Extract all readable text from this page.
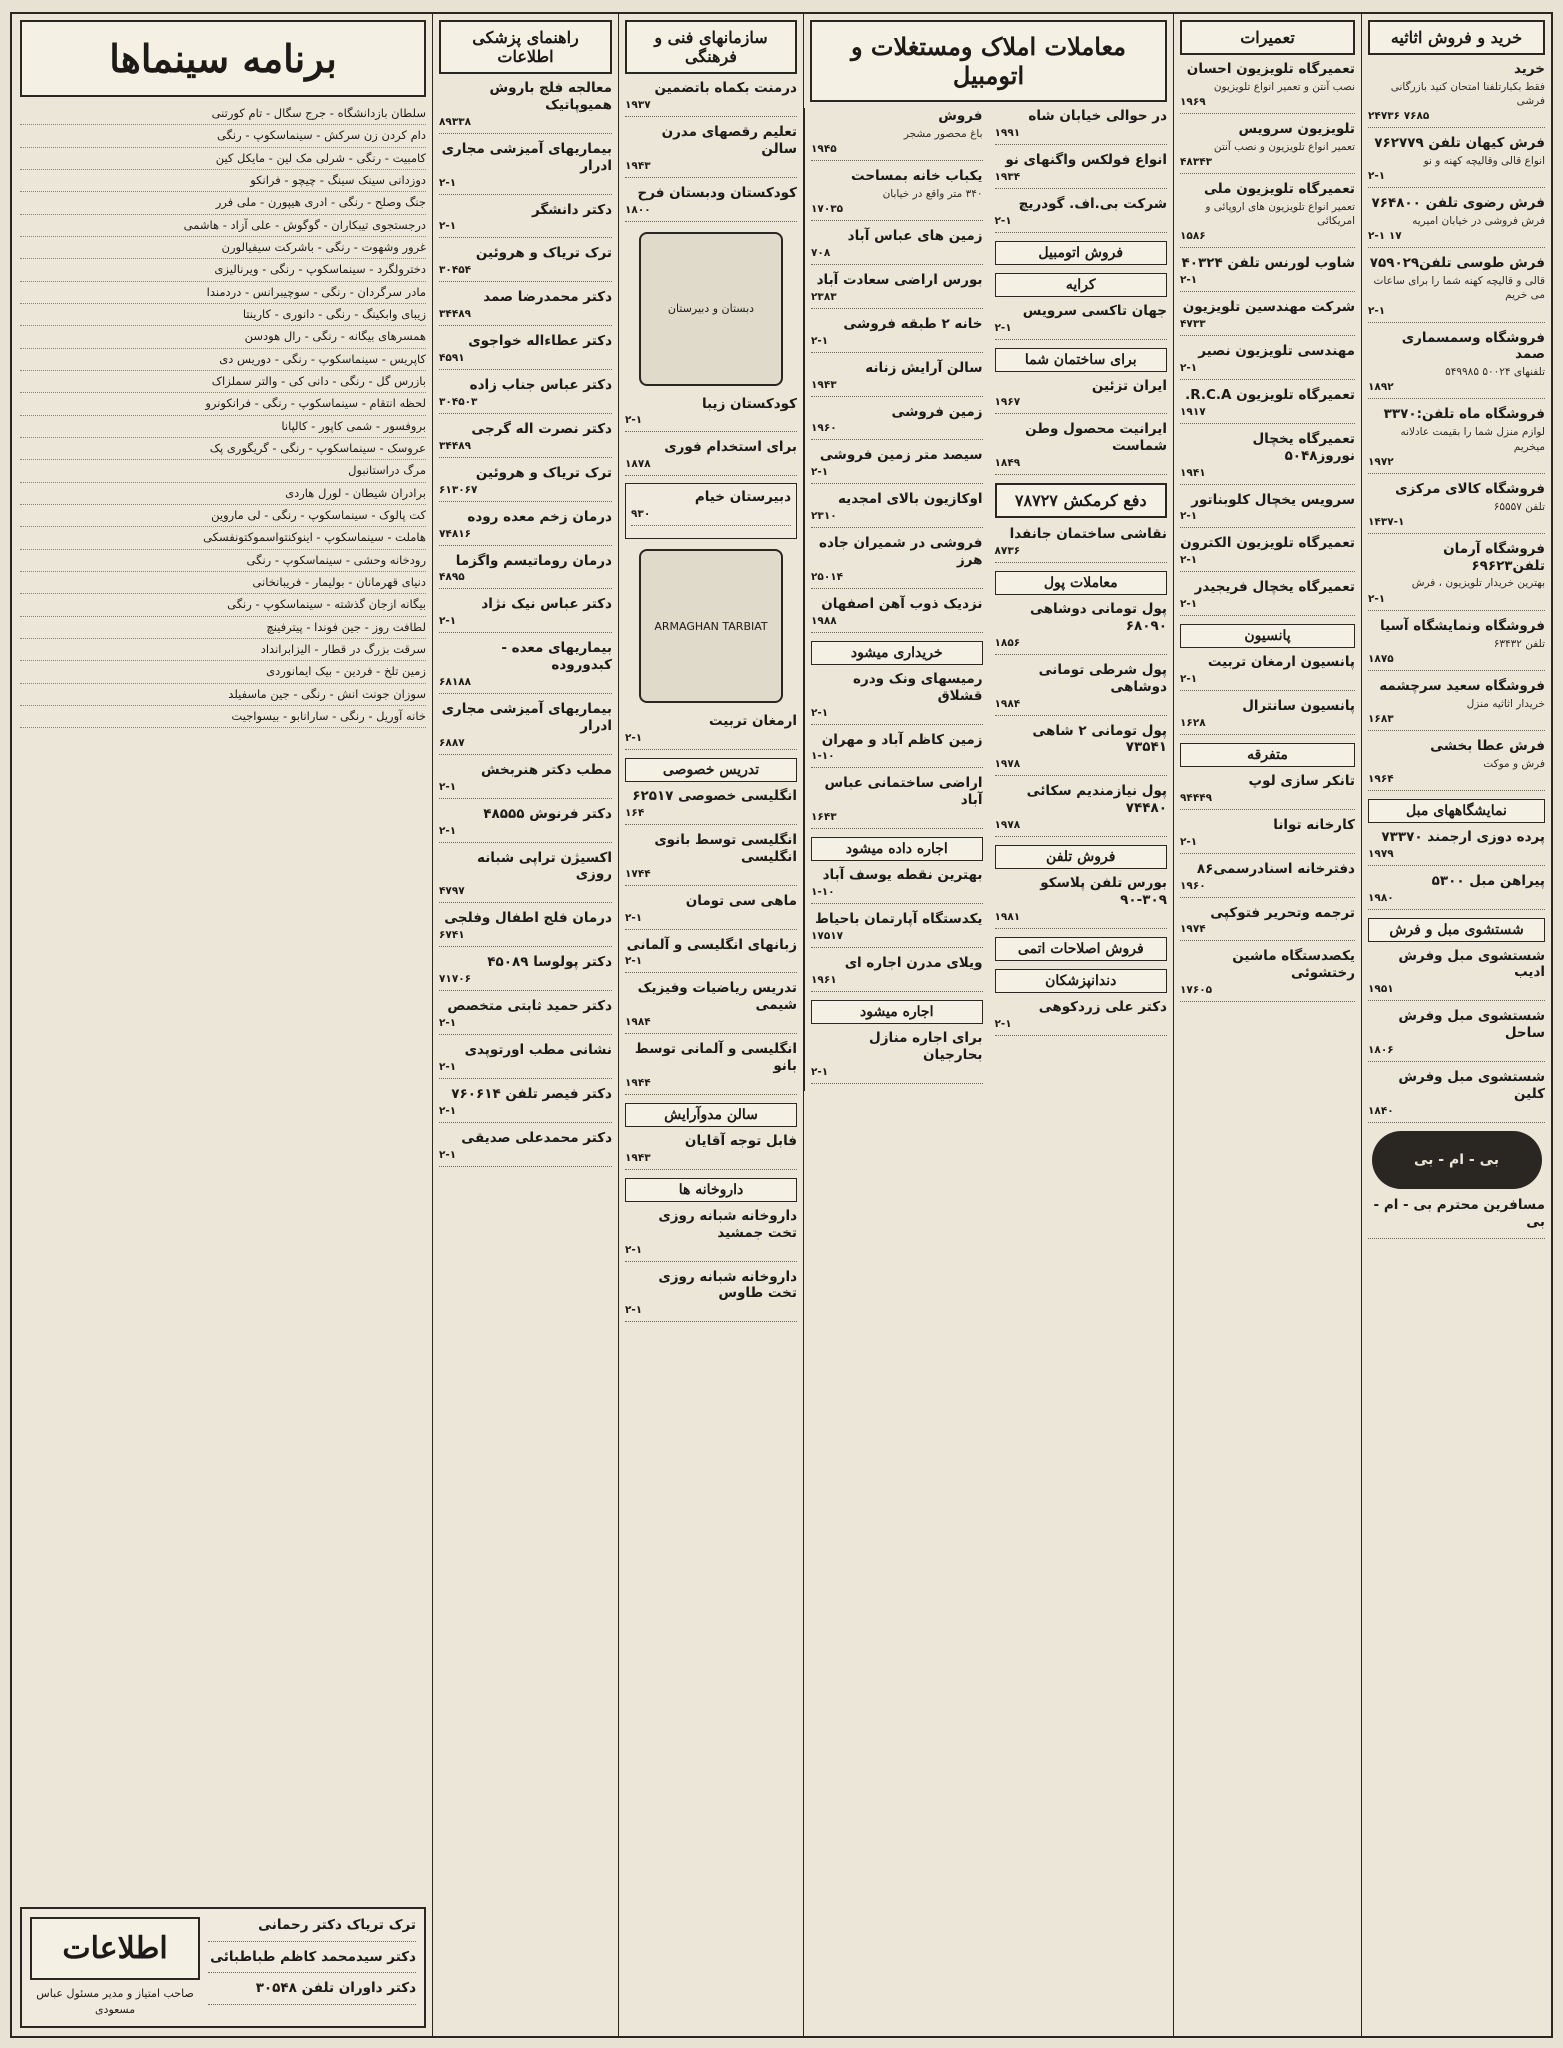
خرید و فروش اثاثیه
خرید
فقط بکبارتلفنا امتحان کنید بازرگانی فرشی
۲۴۷۳۶ ۷۶۸۵
فرش کیهان تلفن ۷۶۲۷۷۹
انواع قالی وقالیچه کهنه و نو
۲-۱
فرش رضوی تلفن ۷۶۴۸۰۰
فرش فروشی در خیابان امیریه
۲-۱ ۱۷
فرش طوسی تلفن۷۵۹۰۲۹
قالی و قالیچه کهنه شما را برای ساعات می خریم
۲-۱
فروشگاه وسمسماری صمد
تلفنهای ۵۰۰۲۴ ۵۴۹۹۸۵
۱۸۹۲
فروشگاه ماه تلفن:۳۳۷۰
لوازم منزل شما را بقیمت عادلانه میخریم
۱۹۷۲
فروشگاه کالای مرکزی
تلفن ۶۵۵۵۷
۱۴۳۷-۱
فروشگاه آرمان تلفن۶۹۶۲۳
بهترین خریدار تلویزیون ، فرش
۲-۱
فروشگاه ونمایشگاه آسیا
تلفن ۶۳۴۳۲
۱۸۷۵
فروشگاه سعید سرچشمه
خریدار اثاثیه منزل
۱۶۸۳
فرش عطا بخشی
فرش و موکت
۱۹۶۴
نمایشگاههای مبل
پرده دوزی ارجمند ۷۳۳۷۰
۱۹۷۹
پیراهن مبل ۵۳۰۰
۱۹۸۰
شستشوی مبل و فرش
شستشوی مبل وفرش ادیب
۱۹۵۱
شستشوی مبل وفرش ساحل
۱۸۰۶
شستشوی مبل وفرش کلین
۱۸۴۰
بی - ام - بی
مسافرین محترم بی - ام - بی
تعمیرات
تعمیرگاه تلویزیون احسان
نصب آنتن و تعمیر انواع تلویزیون
۱۹۶۹
تلویزیون سرویس
تعمیر انواع تلویزیون و نصب آنتن
۴۸۳۴۳
تعمیرگاه تلویزیون ملی
تعمیر انواع تلویزیون های اروپائی و امریکائی
۱۵۸۶
شاوب لورنس تلفن ۴۰۳۲۴
۲-۱
شرکت مهندسین تلویزیون
۴۷۳۳
مهندسی تلویزیون نصیر
۲-۱
تعمیرگاه تلویزیون R.C.A.
۱۹۱۷
تعمیرگاه یخچال نوروز۵۰۴۸
۱۹۴۱
سرویس یخچال کلوبناتور
۲-۱
تعمیرگاه تلویزیون الکترون
۲-۱
تعمیرگاه یخچال فریجیدر
۲-۱
پانسیون
پانسیون ارمغان تربیت
۲-۱
پانسیون سانترال
۱۶۲۸
متفرقه
تانکر سازی لوپ
۹۴۴۴۹
کارخانه توانا
۲-۱
دفترخانه اسنادرسمی۸۶
۱۹۶۰
ترجمه وتحریر فتوکپی
۱۹۷۴
یکصدستگاه ماشین رختشوئی
۱۷۶۰۵
معاملات املاک ومستغلات و اتومبیل
فروش
باغ محصور مشجر
۱۹۴۵
یکباب خانه بمساحت
۳۴۰ متر واقع در خیابان
۱۷۰۳۵
زمین های عباس آباد
۷۰۸
بورس اراضی سعادت آباد
۲۳۸۳
خانه ۲ طبقه فروشی
۲-۱
سالن آرایش زنانه
۱۹۴۳
زمین فروشی
۱۹۶۰
سیصد متر زمین فروشی
۲-۱
اوکازیون بالای امجدیه
۲۳۱۰
فروشی در شمیران جاده هرز
۲۵۰۱۴
نزدیک ذوب آهن اصفهان
۱۹۸۸
خریداری میشود
رمیسهای ونک ودره قشلاق
۲-۱
زمین کاظم آباد و مهران
۱-۱۰
اراضی ساختمانی عباس آباد
۱۶۴۳
اجاره داده میشود
بهترین نقطه یوسف آباد
۱-۱۰
یکدستگاه آپارتمان باحیاط
۱۷۵۱۷
ویلای مدرن اجاره ای
۱۹۶۱
اجاره میشود
برای اجاره منازل بحارجیان
۲-۱
در حوالی خیابان شاه
۱۹۹۱
انواع فولکس واگنهای نو
۱۹۳۴
شرکت بی.اف. گودریچ
۲-۱
فروش اتومبیل
کرایه
جهان تاکسی سرویس
۲-۱
برای ساختمان شما
ایران تزئین
۱۹۶۷
ایرانیت محصول وطن شماست
۱۸۴۹
دفع کرمکش ۷۸۷۲۷
نقاشی ساختمان جانفدا
۸۷۳۶
معاملات پول
پول تومانی دوشاهی ۶۸۰۹۰
۱۸۵۶
پول شرطی تومانی دوشاهی
۱۹۸۴
پول تومانی ۲ شاهی ۷۳۵۴۱
۱۹۷۸
پول نیازمندیم سکائی ۷۴۴۸۰
۱۹۷۸
فروش تلفن
بورس تلفن پلاسکو ۳۰۹-۹۰
۱۹۸۱
فروش اصلاحات اتمی
دندانپزشکان
دکتر علی زردکوهی
۲-۱
سازمانهای فنی و فرهنگی
درمنت بکماه باتضمین
۱۹۳۷
تعلیم رقصهای مدرن سالن
۱۹۴۳
کودکستان ودبستان فرح
۱۸۰۰
دبستان و دبیرستان
کودکستان زیبا
۲-۱
برای استخدام فوری
۱۸۷۸
دبیرستان خیام
۹۳۰
ARMAGHAN TARBIAT
ارمغان تربیت
۲-۱
تدریس خصوصی
انگلیسی خصوصی ۶۲۵۱۷
۱۶۴
انگلیسی توسط بانوی انگلیسی
۱۷۴۴
ماهی سی تومان
۲-۱
زبانهای انگلیسی و آلمانی
۲-۱
تدریس ریاضیات وفیزیک شیمی
۱۹۸۴
انگلیسی و آلمانی توسط بانو
۱۹۴۴
سالن مدوآرایش
فابل توجه آقایان
۱۹۴۳
داروخانه ها
داروخانه شبانه روزی تخت جمشید
۲-۱
داروخانه شبانه روزی تخت طاوس
۲-۱
راهنمای پزشکی اطلاعات
معالجه فلج باروش همیوپاتیک
۸۹۳۳۸
بیماریهای آمیزشی مجاری ادرار
۲-۱
دکتر دانشگر
۲-۱
ترک تریاک و هروئین
۳۰۴۵۴
دکتر محمدرضا صمد
۳۴۴۸۹
دکتر عطاءاله خواجوی
۴۵۹۱
دکتر عباس جناب زاده
۳۰۴۵۰۳
دکتر نصرت اله گرجی
۳۴۴۸۹
ترک تریاک و هروئین
۶۱۳۰۶۷
درمان زخم معده روده
۷۴۸۱۶
درمان روماتیسم واگزما
۴۸۹۵
دکتر عباس نیک نژاد
۲-۱
بیماریهای معده - کبدوروده
۶۸۱۸۸
بیماریهای آمیزشی مجاری ادرار
۶۸۸۷
مطب دکتر هنربخش
۲-۱
دکتر فرنوش ۴۸۵۵۵
۲-۱
اکسیژن تراپی شبانه روزی
۴۷۹۷
درمان فلج اطفال وفلجی
۶۷۴۱
دکتر پولوسا ۴۵۰۸۹
۷۱۷۰۶
دکتر حمید ثابتی متخصص
۲-۱
نشانی مطب اورتوپدی
۲-۱
دکتر فیصر تلفن ۷۶۰۶۱۴
۲-۱
دکتر محمدعلی صدیقی
۲-۱
برنامه سینماها
سلطان بازدانشگاه - جرج سگال - تام کورتنی
دام کردن زن سرکش - سینماسکوپ - رنگی
کامبیت - رنگی - شرلی مک لین - مایکل کین
دوزدانی سینک سینگ - چیچو - فرانکو
جنگ وصلح - رنگی - ادری هیپورن - ملی فرر
درجستجوی تیبکاران - گوگوش - علی آزاد - هاشمی
غرور وشهوت - رنگی - باشرکت سیفیالورن
دخترولگرد - سینماسکوپ - رنگی - ویرنالیزی
مادر سرگردان - رنگی - سوچیبرانس - دردمندا
زیبای وابکینگ - رنگی - دانوری - کارینتا
همسرهای بیگانه - رنگی - رال هودسن
کاپریس - سینماسکوپ - رنگی - دوریس دی
بازرس گل - رنگی - دانی کی - والتر سملزاک
لحظه انتقام - سینماسکوپ - رنگی - فرانکونرو
بروفسور - شمی کاپور - کالپانا
عروسک - سینماسکوپ - رنگی - گریگوری پک
مرگ دراستانبول
برادران شیطان - لورل هاردی
کت پالوک - سینماسکوپ - رنگی - لی ماروین
هاملت - سینماسکوپ - اینوکنتواسموکتونفسکی
رودخانه وحشی - سینماسکوپ - رنگی
دنیای قهرمانان - بولیمار - فریبانخانی
بیگانه ازجان گذشته - سینماسکوپ - رنگی
لطافت روز - جین فوندا - پیترفینچ
سرقت بزرگ در قطار - الیزابرانداد
زمین تلخ - فردین - بیک ایمانوردی
سوزان جونت انش - رنگی - جین ماسفیلد
خانه آوریل - رنگی - سارانابو - بیسواجیت
اطلاعات
صاحب امتیاز و مدیر مسئول عباس مسعودی
ترک تریاک دکتر رحمانی
دکتر سیدمحمد کاظم طباطبائی
دکتر داوران تلفن ۳۰۵۴۸
